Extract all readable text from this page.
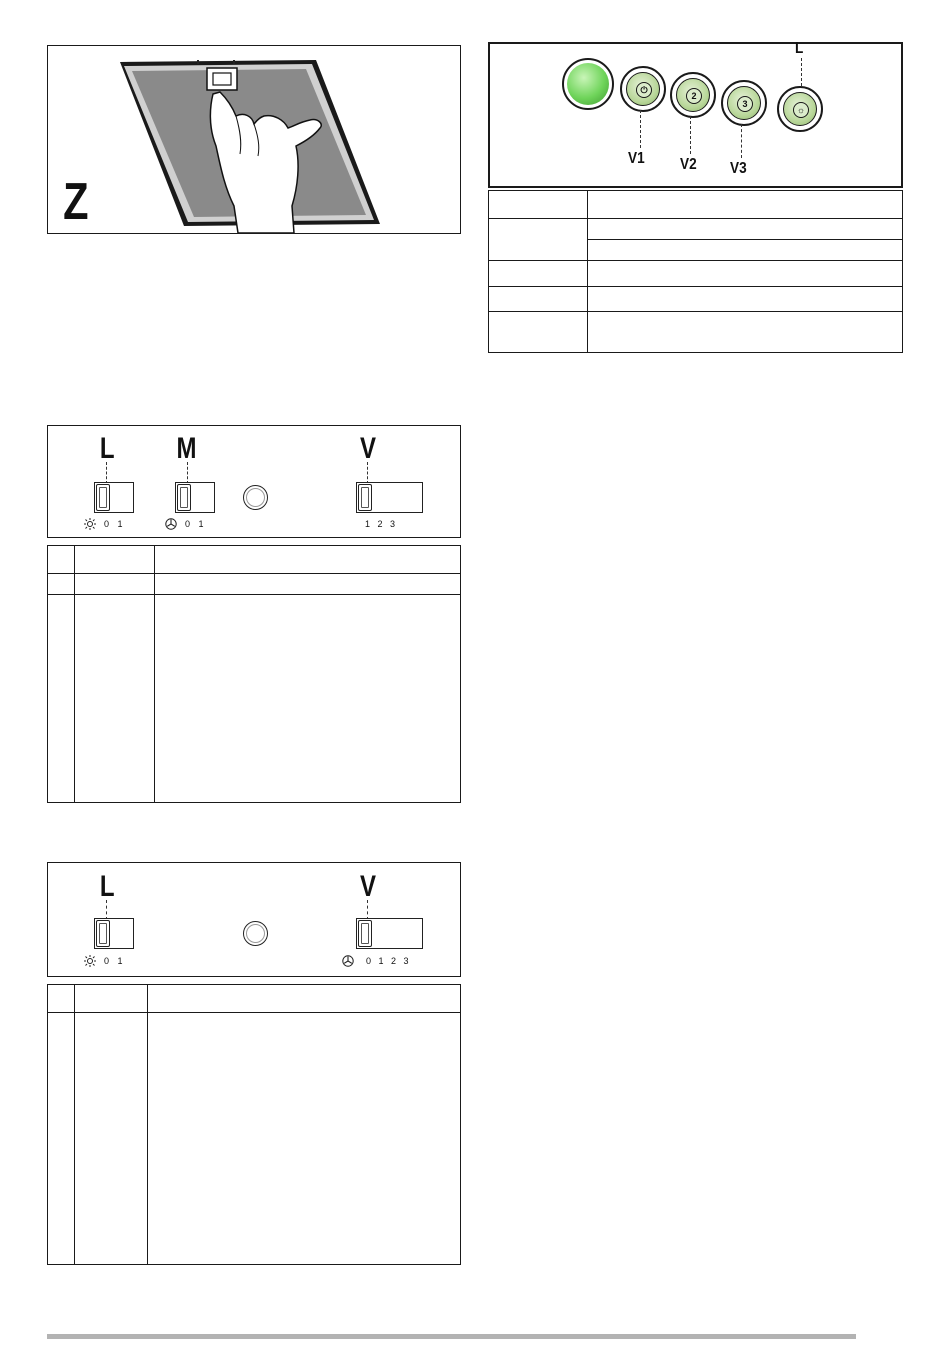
Z
⏻
2
3
☼
L
V1 V2 V3
L M	V
0 1	0 1	1 2 3
L	V
0 1	0 1 2 3
